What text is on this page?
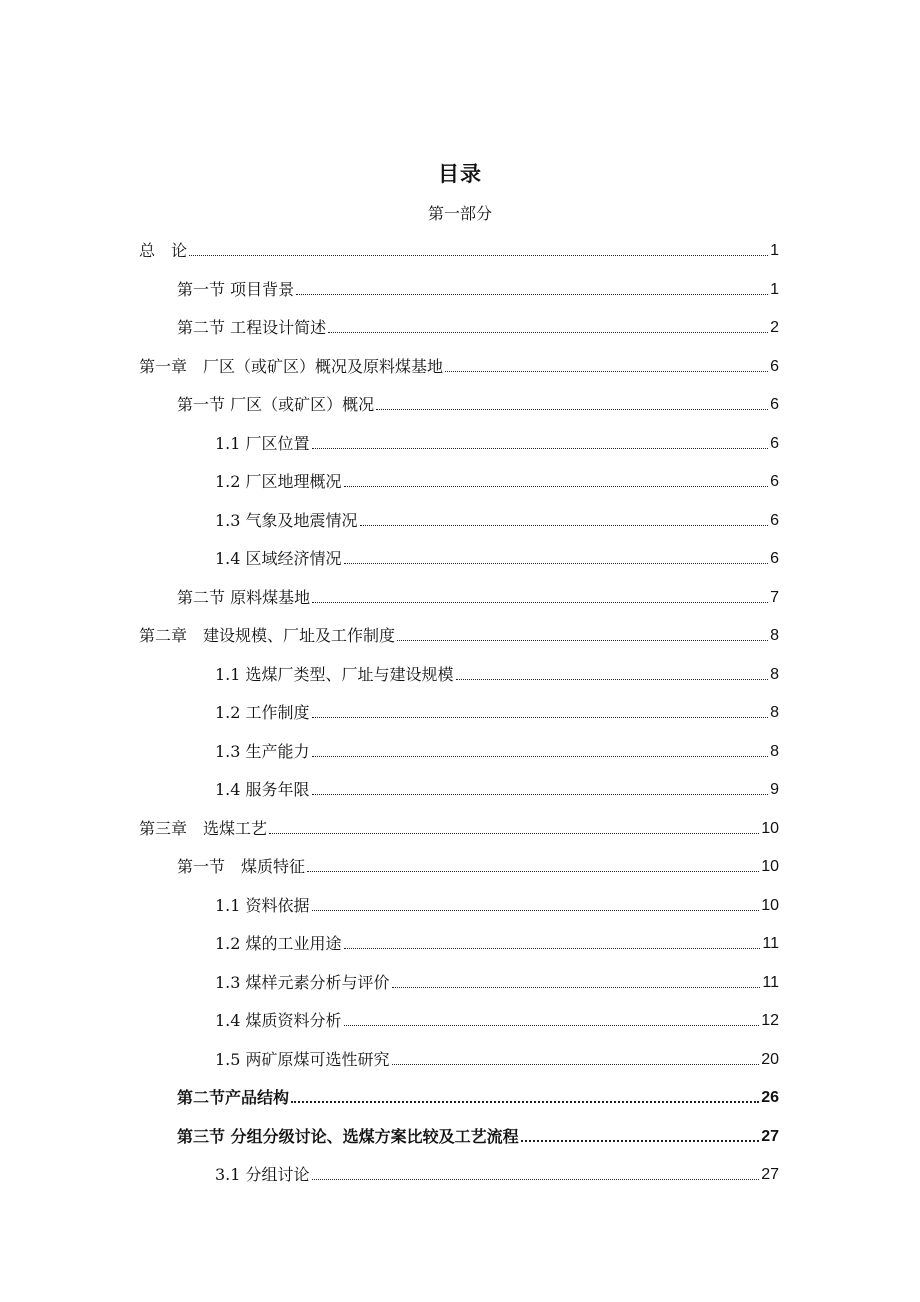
目录
第一部分
总　论	1
第一节 项目背景	1
第二节 工程设计简述	2
第一章　厂区（或矿区）概况及原料煤基地	6
第一节 厂区（或矿区）概况	6
1.1 厂区位置	6
1.2 厂区地理概况	6
1.3 气象及地震情况	6
1.4 区域经济情况	6
第二节 原料煤基地	7
第二章　建设规模、厂址及工作制度	8
1.1 选煤厂类型、厂址与建设规模	8
1.2 工作制度	8
1.3 生产能力	8
1.4 服务年限	9
第三章　选煤工艺	10
第一节　煤质特征	10
1.1 资料依据	10
1.2 煤的工业用途	11
1.3 煤样元素分析与评价	11
1.4 煤质资料分析	12
1.5 两矿原煤可选性研究	20
第二节产品结构	26
第三节 分组分级讨论、选煤方案比较及工艺流程	27
3.1 分组讨论	27
